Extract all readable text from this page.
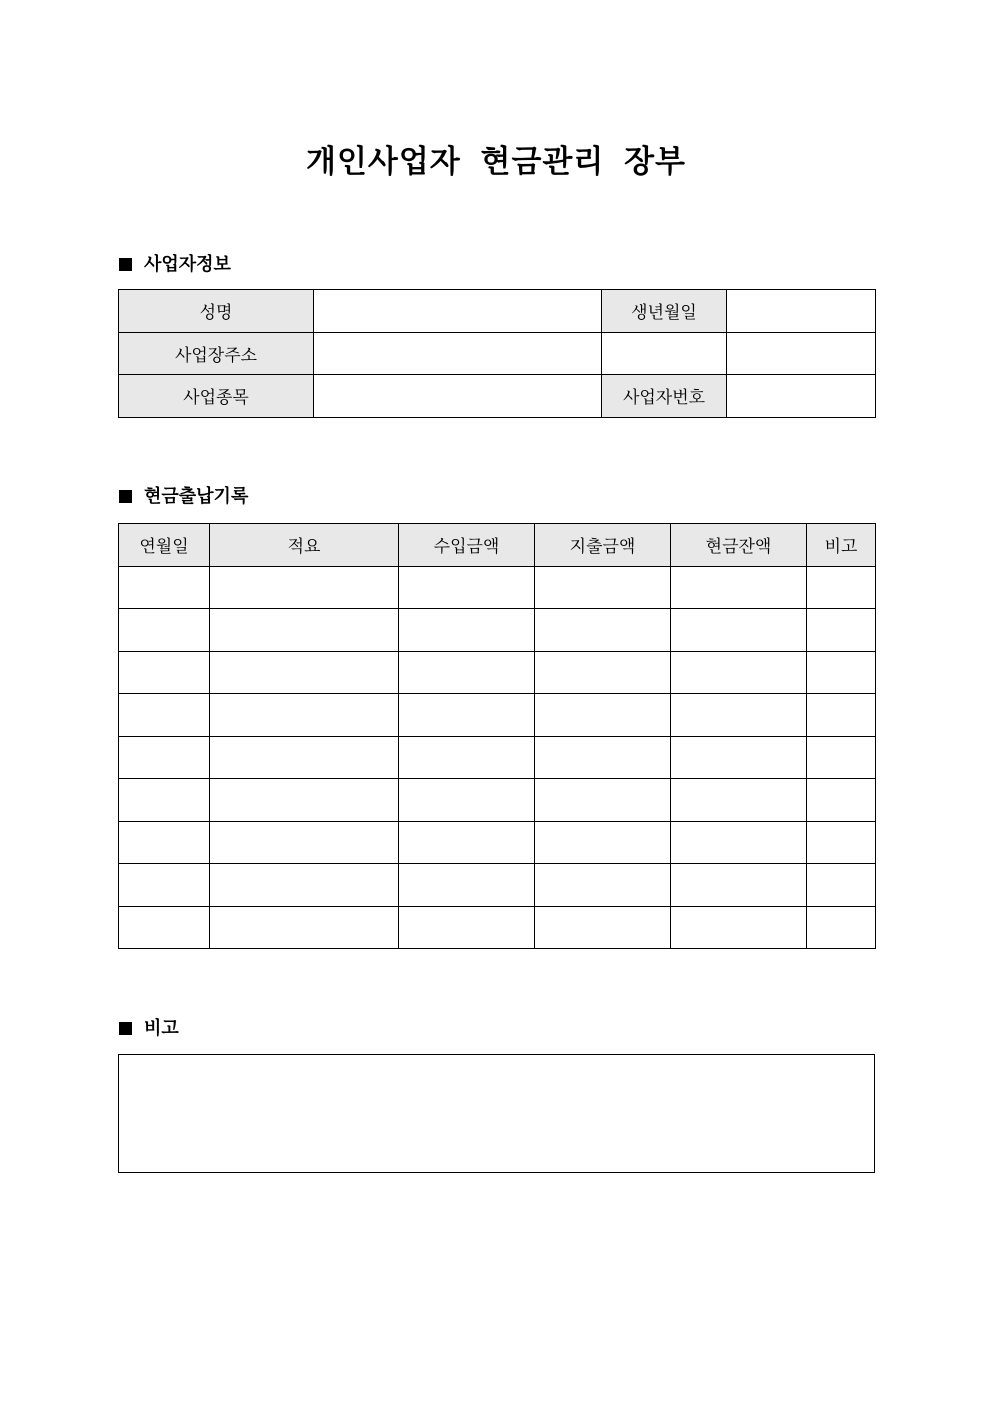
개인사업자 현금관리 장부
사업자정보
성명		생년월일	
사업장주소			
사업종목		사업자번호	
현금출납기록
연월일	적요	수입금액	지출금액	현금잔액	비고

비고
